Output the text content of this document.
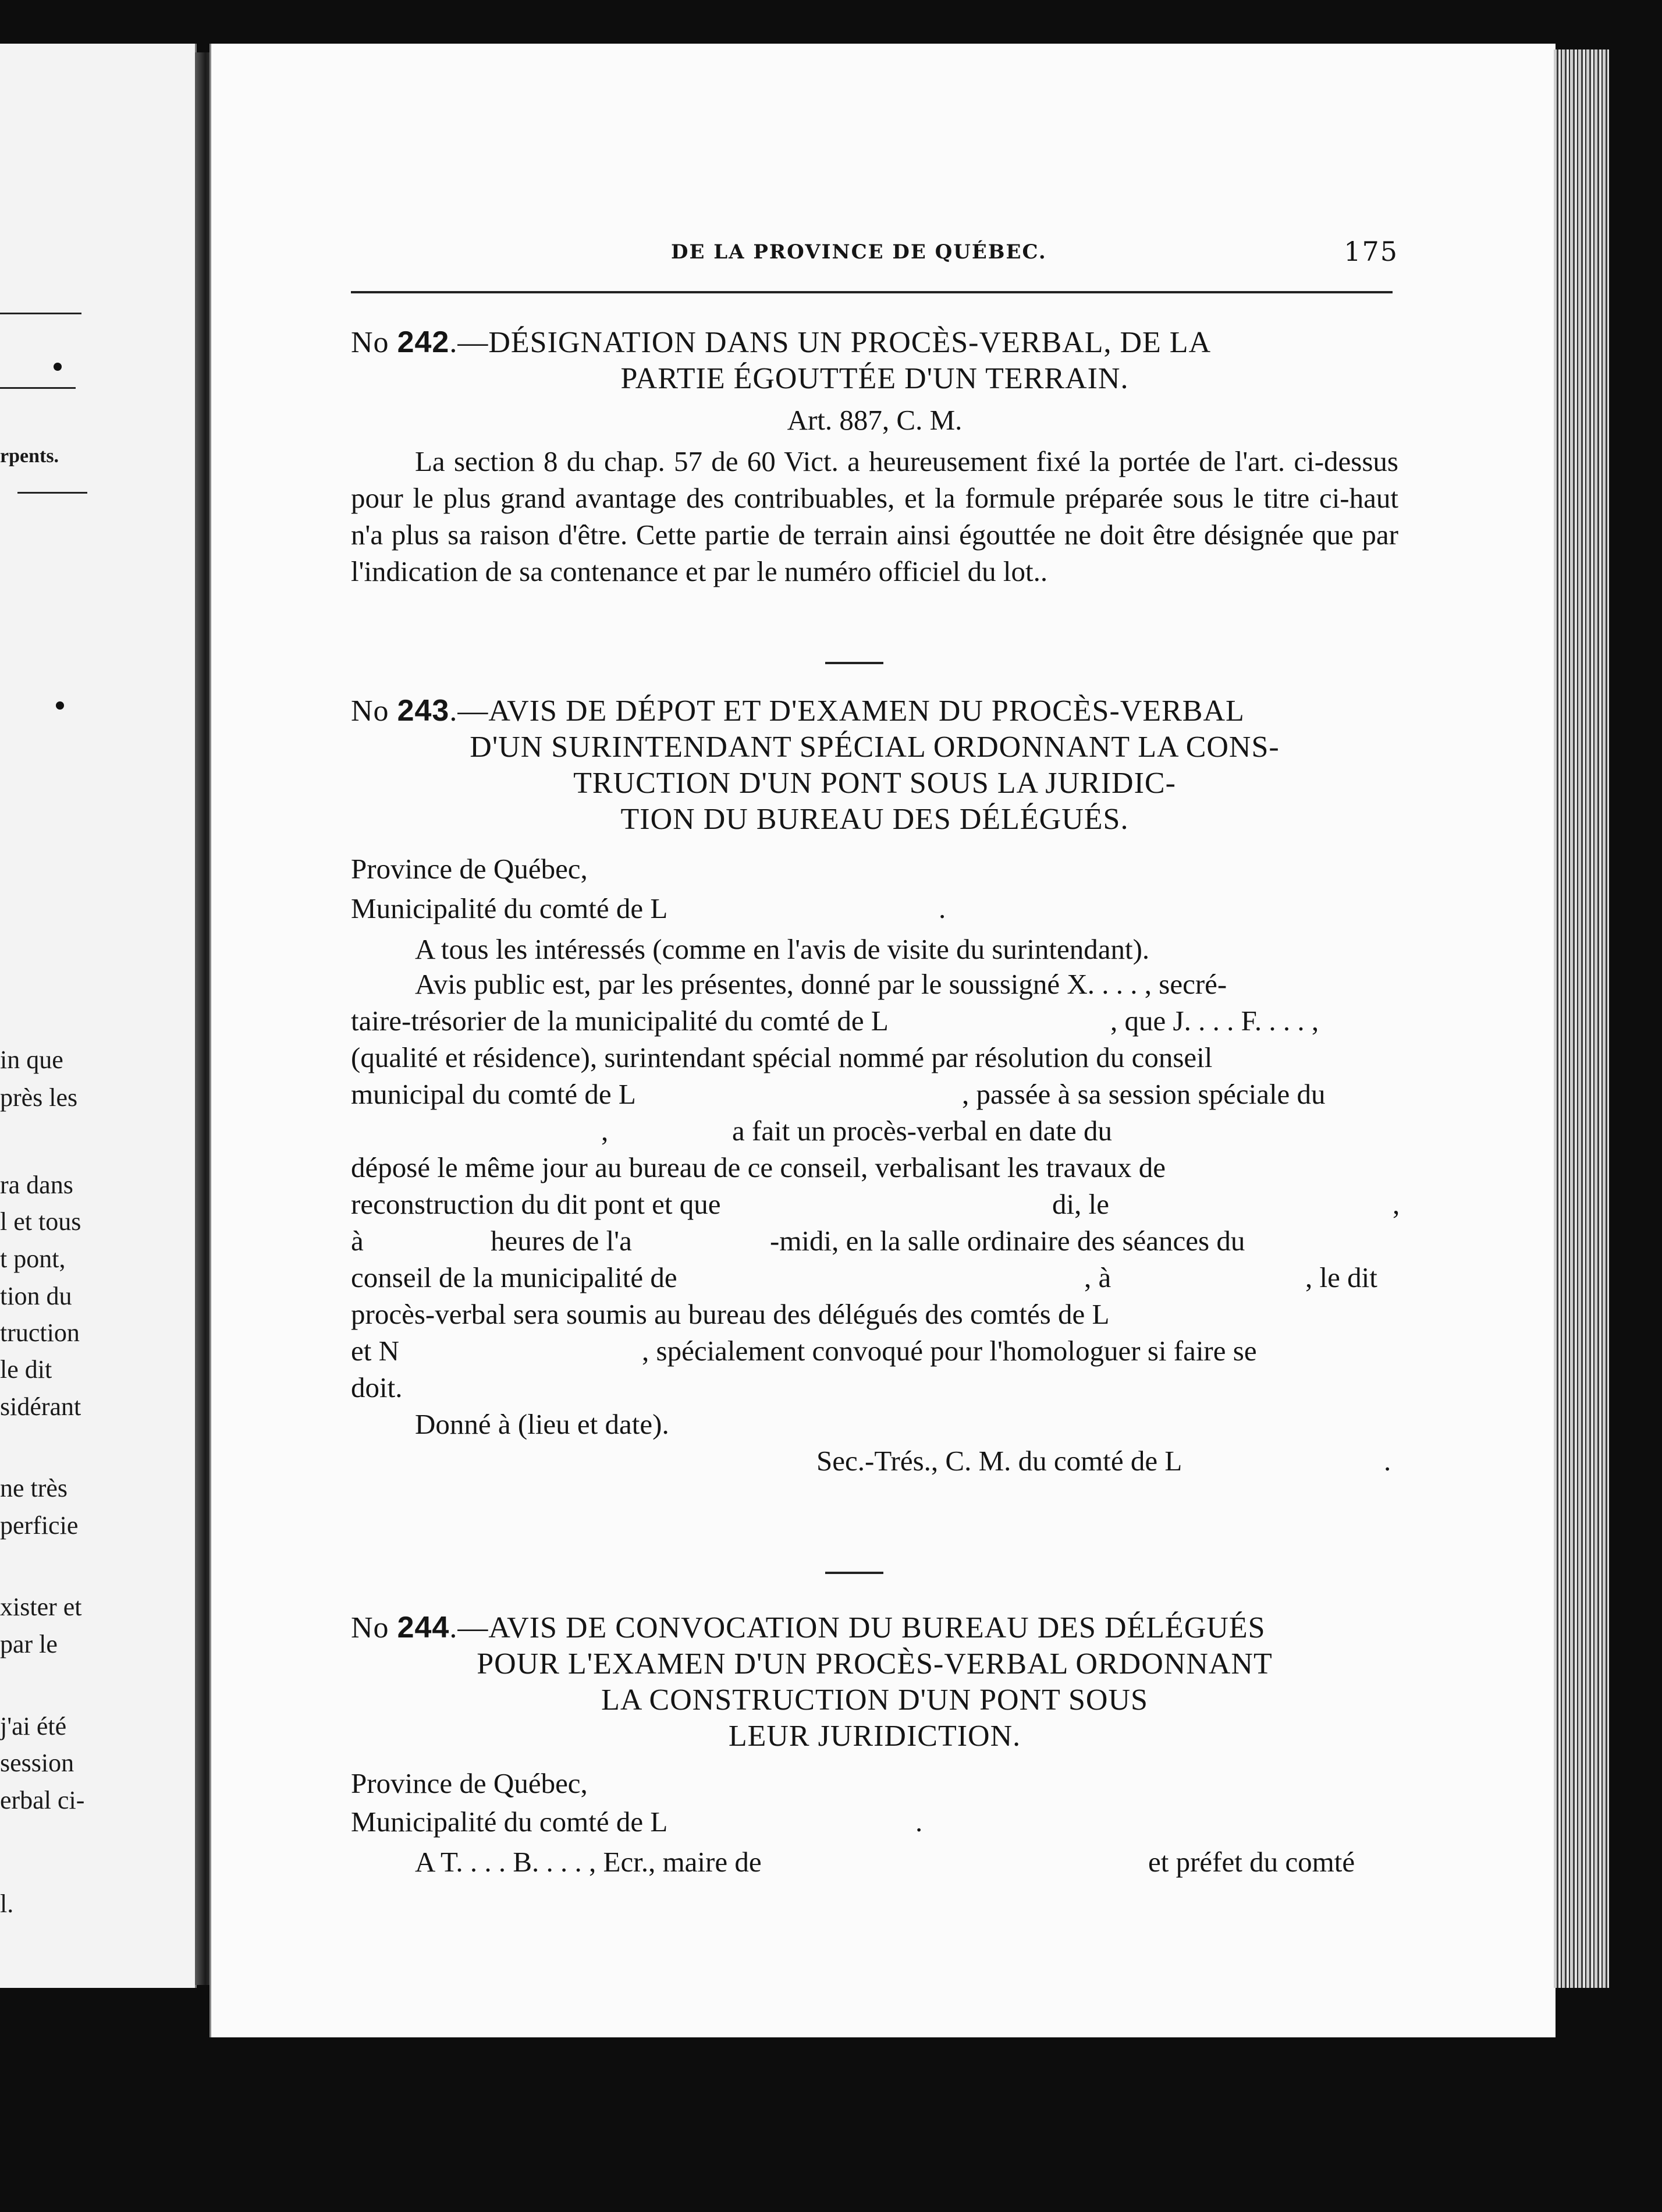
rpents.
in que
près les
ra dans
l et tous
t pont,
tion du
truction
le dit
sidérant
ne très
perficie
xister et
par le
j'ai été
session
erbal ci-
l.
DE LA PROVINCE DE QUÉBEC.	175

No 242.—DÉSIGNATION DANS UN PROCÈS-VERBAL, DE LA

PARTIE ÉGOUTTÉE D'UN TERRAIN.

Art. 887, C. M.

La section 8 du chap. 57 de 60 Vict. a heureusement fixé la portée de l'art. ci-dessus pour le plus grand avantage des contribuables, et la formule préparée sous le titre ci-haut n'a plus sa raison d'être. Cette partie de terrain ainsi égouttée ne doit être désignée que par l'indication de sa contenance et par le numéro officiel du lot..

No 243.—AVIS DE DÉPOT ET D'EXAMEN DU PROCÈS-VERBAL

D'UN SURINTENDANT SPÉCIAL ORDONNANT LA CONS-

TRUCTION D'UN PONT SOUS LA JURIDIC-

TION DU BUREAU DES DÉLÉGUÉS.

Province de Québec,

Municipalité du comté de L	.

A tous les intéressés (comme en l'avis de visite du surintendant).

Avis public est, par les présentes, donné par le soussigné X. . . . , secré-
taire-trésorier de la municipalité du comté de L	, que J. . . . F. . . . ,
(qualité et résidence), surintendant spécial nommé par résolution du conseil
municipal du comté de L	, passée à sa session spéciale du
,	a fait un procès-verbal en date du
déposé le même jour au bureau de ce conseil, verbalisant les travaux de
reconstruction du dit pont et que	di, le	,
à	heures de l'a	-midi, en la salle ordinaire des séances du
conseil de la municipalité de	, à	, le dit
procès-verbal sera soumis au bureau des délégués des comtés de L
et N	, spécialement convoqué pour l'homologuer si faire se
doit.
Donné à (lieu et date).
Sec.-Trés., C. M. du comté de L	.

No 244.—AVIS DE CONVOCATION DU BUREAU DES DÉLÉGUÉS

POUR L'EXAMEN D'UN PROCÈS-VERBAL ORDONNANT

LA CONSTRUCTION D'UN PONT SOUS

LEUR JURIDICTION.

Province de Québec,

Municipalité du comté de L	.
A T. . . . B. . . . , Ecr., maire de	et préfet du comté
